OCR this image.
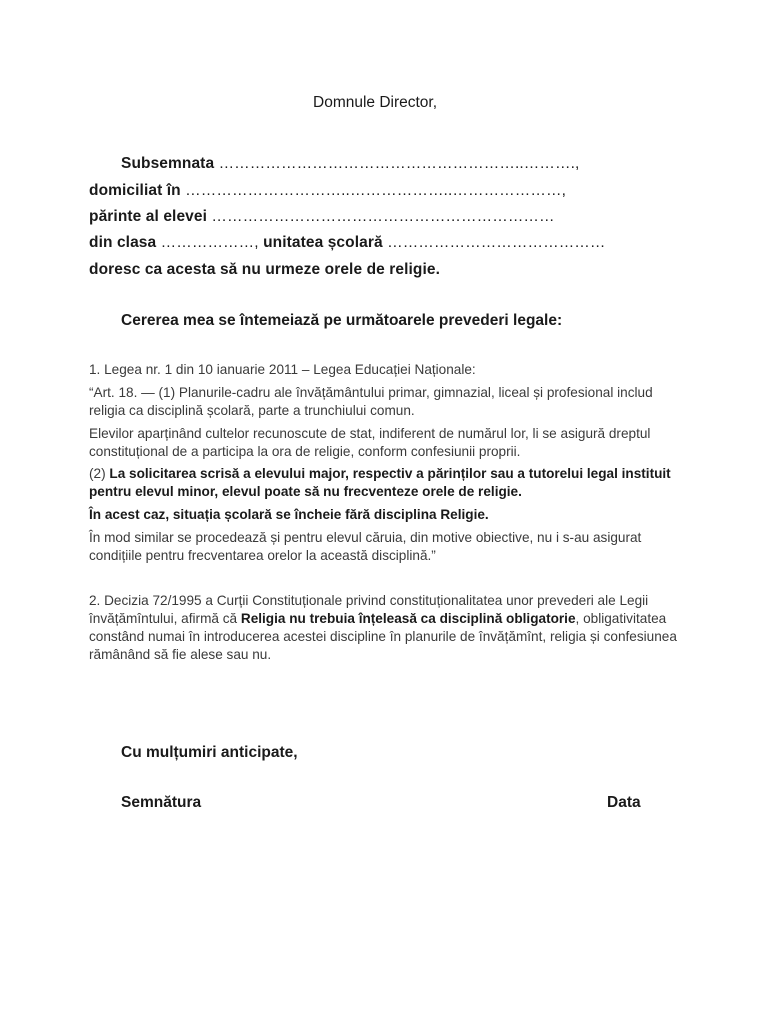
Domnule Director,
Subsemnata …………………………………………………..……….,
domiciliat în …………………………..………………..…………………,
părinte al elevei …………………………………………………………
din clasa ………………, unitatea școlară ……………………………………
doresc ca acesta să nu urmeze orele de religie.
Cererea mea se întemeiază pe următoarele prevederi legale:
1. Legea nr. 1 din 10 ianuarie 2011 – Legea Educației Naționale:
“Art. 18. — (1) Planurile-cadru ale învățământului primar, gimnazial, liceal și profesional includ religia ca disciplină școlară, parte a trunchiului comun.
Elevilor aparținând cultelor recunoscute de stat, indiferent de numărul lor, li se asigură dreptul constituțional de a participa la ora de religie, conform confesiunii proprii.
(2) La solicitarea scrisă a elevului major, respectiv a părinților sau a tutorelui legal instituit pentru elevul minor, elevul poate să nu frecventeze orele de religie.
În acest caz, situația școlară se încheie fără disciplina Religie.
În mod similar se procedează și pentru elevul căruia, din motive obiective, nu i s-au asigurat condițiile pentru frecventarea orelor la această disciplină.”
2. Decizia 72/1995 a Curții Constituționale privind constituționalitatea unor prevederi ale Legii învățămîntului, afirmă că Religia nu trebuia înțeleasă ca disciplină obligatorie, obligativitatea constând numai în introducerea acestei discipline în planurile de învățămînt, religia și confesiunea rămânând să fie alese sau nu.
Cu mulțumiri anticipate,
Semnătura	Data
